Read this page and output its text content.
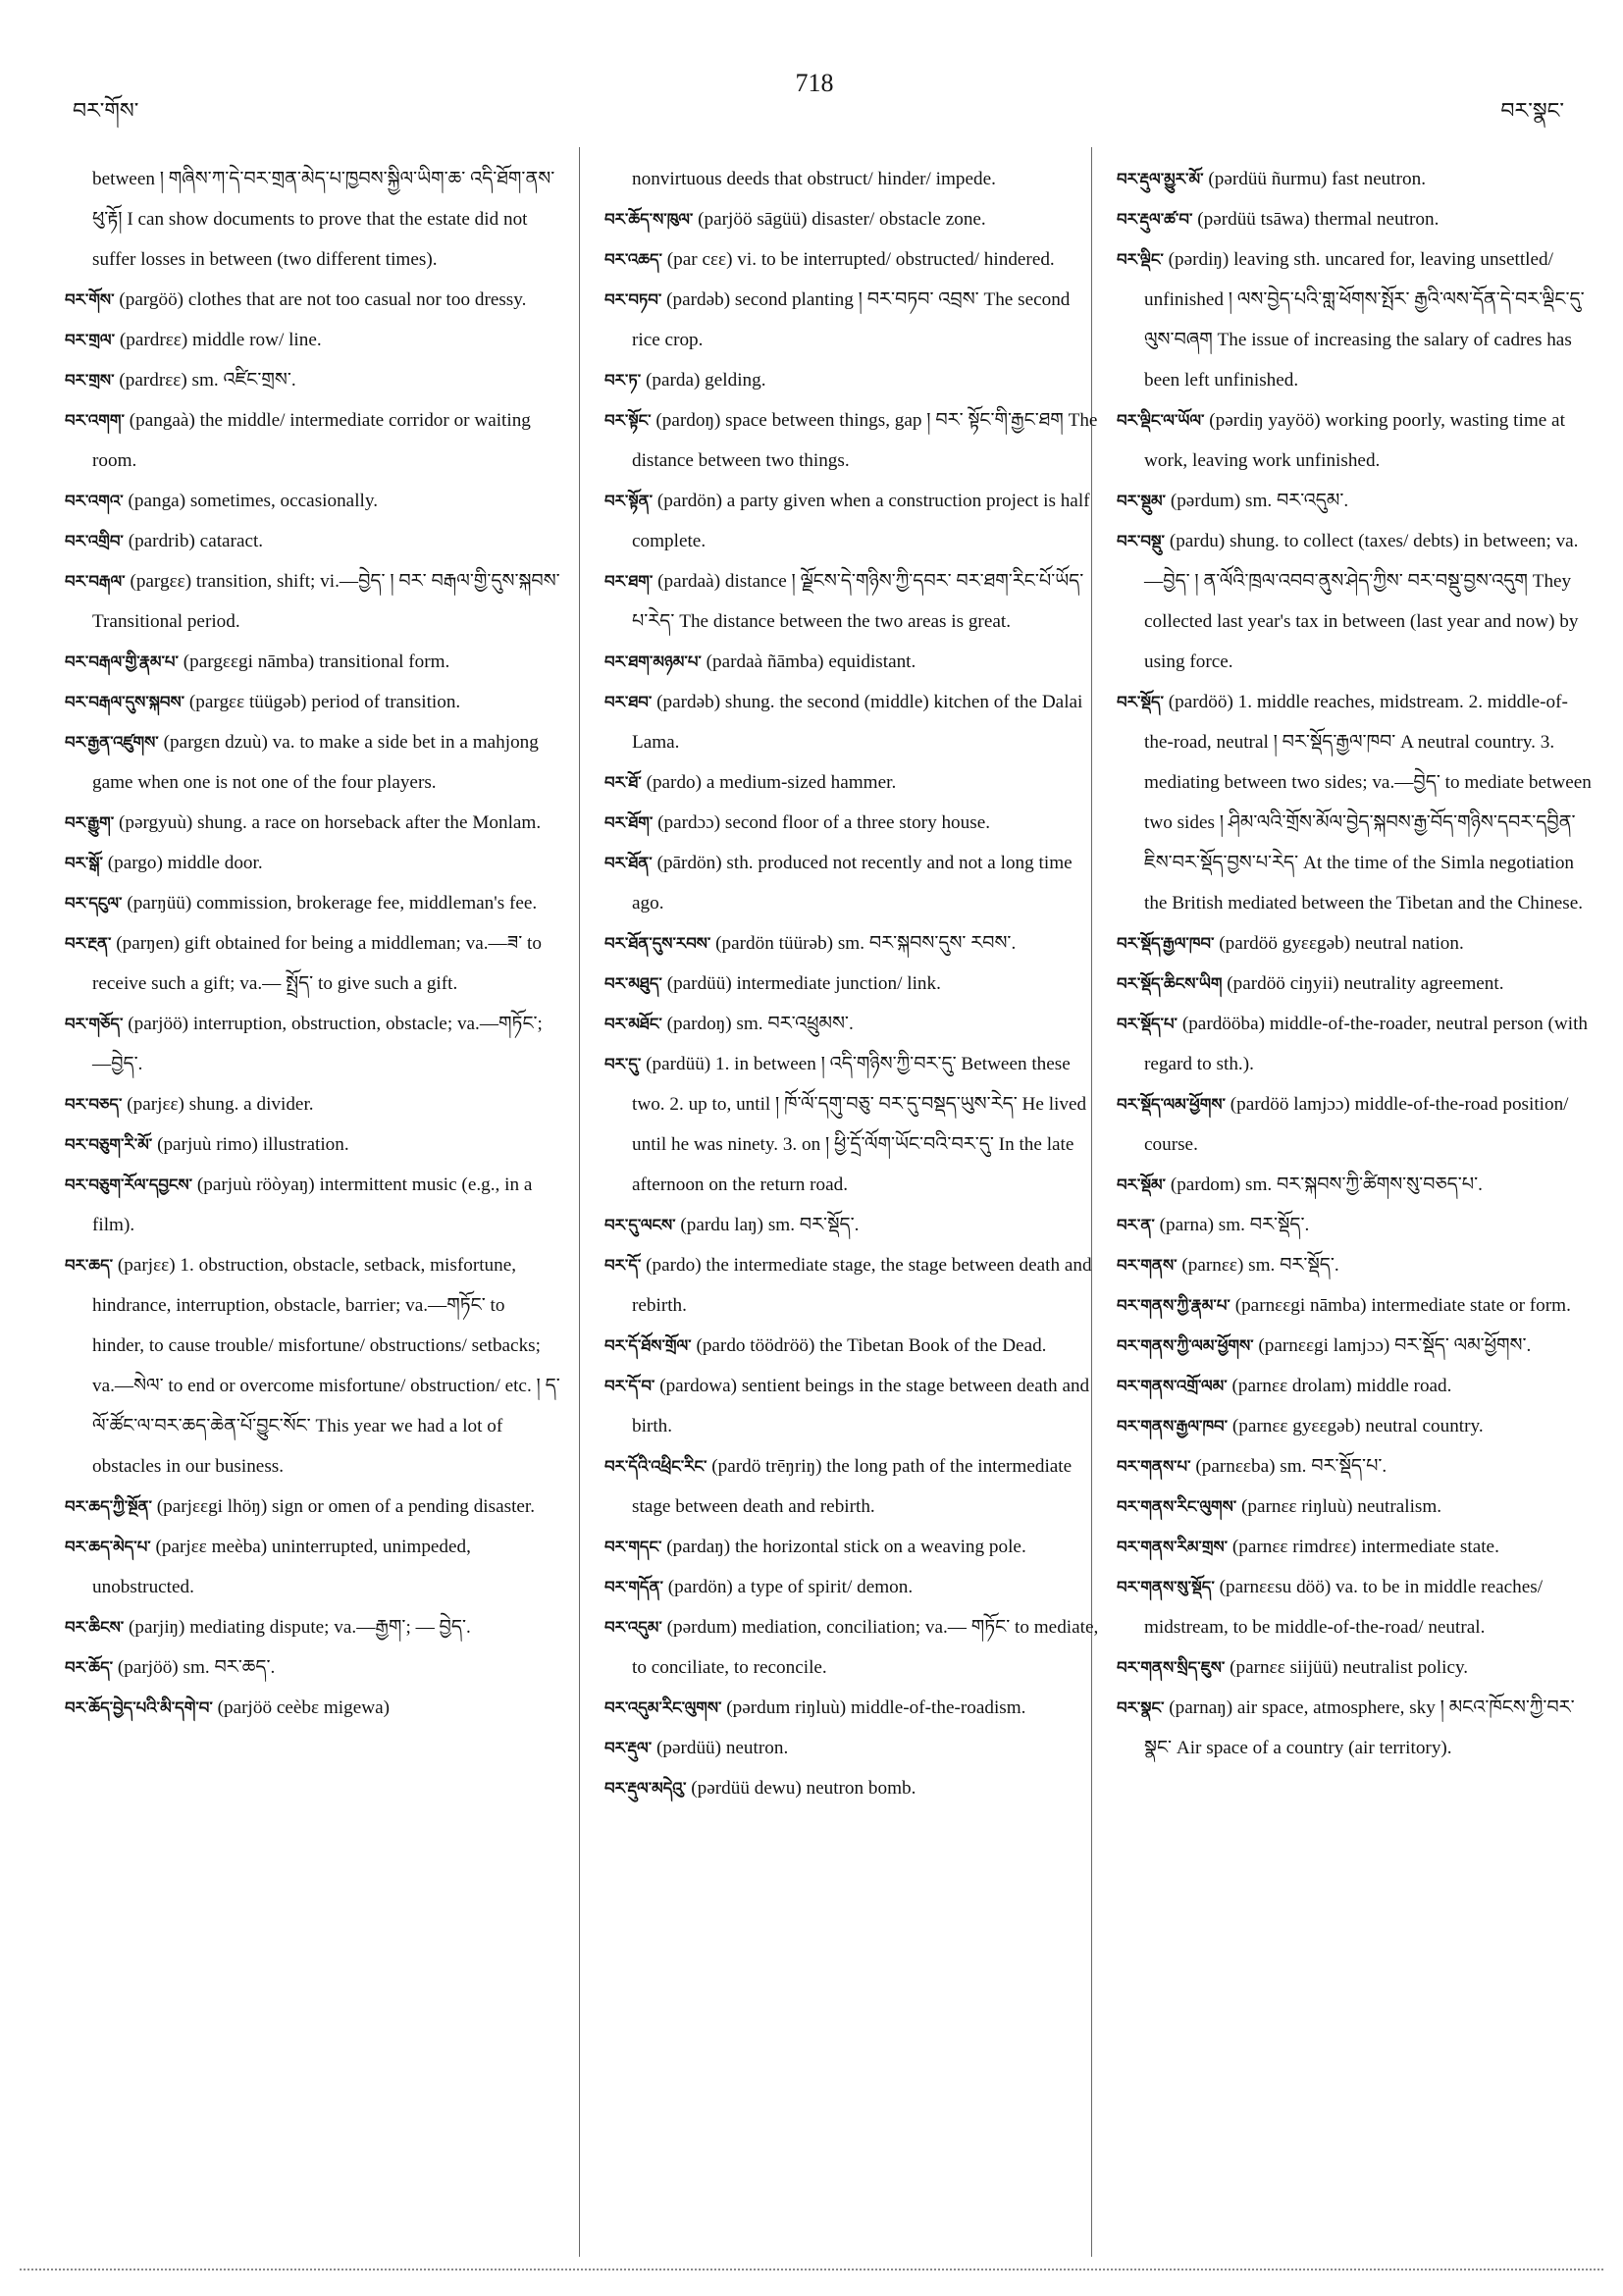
བར་གོས་
718
བར་སྣང་

between ། གཞིས་ཀ་དེ་བར་གྲན་མེད་པ་ཁྱབས་སྐྱིལ་ཡིག་ཆ་ འདི་ཐོག་ནས་ཕུ་རྟོ། I can show documents to prove that the estate did not suffer losses in between (two different times).

བར་གོས་ (pargöö) clothes that are not too casual nor too dressy.

བར་གྲལ་ (pardrεε) middle row/ line.

བར་གྲས་ (pardrεε) sm. འཛིང་གྲས་.

བར་འགག་ (pangaà) the middle/ intermediate corridor or waiting room.

བར་འགའ་ (panga) sometimes, occasionally.

བར་འགྲིབ་ (pardrib) cataract.

བར་བརྒལ་ (pargεε) transition, shift; vi.—བྱེད་ ། བར་ བརྒལ་གྱི་དུས་སྐབས་ Transitional period.

བར་བརྒལ་གྱི་རྣམ་པ་ (pargεεgi nāmba) transitional form.

བར་བརྒལ་དུས་སྐབས་ (pargεε tüügəb) period of transition.

བར་རྒྱན་འཛུགས་ (pargεn dzuù) va. to make a side bet in a mahjong game when one is not one of the four players.

བར་རྒྱུག་ (pərgyuù) shung. a race on horseback after the Monlam.

བར་སྒོ་ (pargo) middle door.

བར་དངུལ་ (parŋüü) commission, brokerage fee, middleman's fee.

བར་རྔན་ (parŋen) gift obtained for being a middleman; va.—ཟ་ to receive such a gift; va.— སྤྲོད་ to give such a gift.

བར་གཅོད་ (parjöö) interruption, obstruction, obstacle; va.—གཏོང་; —བྱེད་.

བར་བཅད་ (parjεε) shung. a divider.

བར་བཅུག་རི་མོ་ (parjuù rimo) illustration.

བར་བཅུག་རོལ་དབྱངས་ (parjuù röòyaŋ) intermittent music (e.g., in a film).

བར་ཆད་ (parjεε) 1. obstruction, obstacle, setback, misfortune, hindrance, interruption, obstacle, barrier; va.—གཏོང་ to hinder, to cause trouble/ misfortune/ obstructions/ setbacks; va.—སེལ་ to end or overcome misfortune/ obstruction/ etc. ། ད་ལོ་ཚོང་ལ་བར་ཆད་ཆེན་པོ་བྱུང་སོང་ This year we had a lot of obstacles in our business.

བར་ཆད་ཀྱི་སྔོན་ (parjεεgi lhöŋ) sign or omen of a pending disaster.

བར་ཆད་མེད་པ་ (parjεε meèba) uninterrupted, unimpeded, unobstructed.

བར་ཆིངས་ (parjiŋ) mediating dispute; va.—རྒྱག་; — བྱེད་.

བར་ཆོད་ (parjöö) sm. བར་ཆད་.

བར་ཆོད་བྱེད་པའི་མི་དགེ་བ་ (parjöö ceèbε migewa)

nonvirtuous deeds that obstruct/ hinder/ impede.

བར་ཆོད་ས་ཁུལ་ (parjöö sāgüü) disaster/ obstacle zone.

བར་འཆད་ (par cεε) vi. to be interrupted/ obstructed/ hindered.

བར་བཏབ་ (pardəb) second planting ། བར་བཏབ་ འབྲས་ The second rice crop.

བར་ཏ་ (parda) gelding.

བར་སྟོང་ (pardoŋ) space between things, gap ། བར་ སྟོང་གི་རྒྱང་ཐག The distance between two things.

བར་སྟོན་ (pardön) a party given when a construction project is half complete.

བར་ཐག་ (pardaà) distance ། ལྗོངས་དེ་གཉིས་ཀྱི་དབར་ བར་ཐག་རིང་པོ་ཡོད་པ་རེད་ The distance between the two areas is great.

བར་ཐག་མཉམ་པ་ (pardaà ñāmba) equidistant.

བར་ཐབ་ (pardəb) shung. the second (middle) kitchen of the Dalai Lama.

བར་ཐོ་ (pardo) a medium-sized hammer.

བར་ཐོག་ (pardɔɔ) second floor of a three story house.

བར་ཐོན་ (pārdön) sth. produced not recently and not a long time ago.

བར་ཐོན་དུས་རབས་ (pardön tüürəb) sm. བར་སྐབས་དུས་ རབས་.

བར་མཐུད་ (pardüü) intermediate junction/ link.

བར་མཐོང་ (pardoŋ) sm. བར་འཕྲུམས་.

བར་དུ་ (pardüü) 1. in between ། འདི་གཉིས་ཀྱི་བར་དུ་ Between these two. 2. up to, until ། ཁོ་ལོ་དགུ་བཅུ་ བར་དུ་བསྡད་ཡུས་རེད་ He lived until he was ninety. 3. on ། ཕྱི་དྲོ་ལོག་ཡོང་བའི་བར་དུ་ In the late afternoon on the return road.

བར་དུ་ལངས་ (pardu laŋ) sm. བར་སྡོད་.

བར་དོ་ (pardo) the intermediate stage, the stage between death and rebirth.

བར་དོ་ཐོས་གྲོལ་ (pardo töödröö) the Tibetan Book of the Dead.

བར་དོ་བ་ (pardowa) sentient beings in the stage between death and birth.

བར་དོའི་འཕྲིང་རིང་ (pardö trēŋriŋ) the long path of the intermediate stage between death and rebirth.

བར་གདང་ (pardaŋ) the horizontal stick on a weaving pole.

བར་གདོན་ (pardön) a type of spirit/ demon.

བར་འདུམ་ (pərdum) mediation, conciliation; va.— གཏོང་ to mediate, to conciliate, to reconcile.

བར་འདུམ་རིང་ལུགས་ (pərdum riŋluù) middle-of-the-roadism.

བར་རྡུལ་ (pərdüü) neutron.

བར་རྡུལ་མདེའུ་ (pərdüü dewu) neutron bomb.

བར་རྡུལ་མྱུར་མོ་ (pərdüü ñurmu) fast neutron.

བར་རྡུལ་ཚ་བ་ (pərdüü tsāwa) thermal neutron.

བར་ལྡིང་ (pərdiŋ) leaving sth. uncared for, leaving unsettled/ unfinished ། ལས་བྱེད་པའི་གླ་ཕོགས་སྤོར་ རྒྱའི་ལས་དོན་དེ་བར་ལྡིང་དུ་ལུས་བཞག The issue of increasing the salary of cadres has been left unfinished.

བར་ལྡིང་ལ་ཡོལ་ (pərdiŋ yayöö) working poorly, wasting time at work, leaving work unfinished.

བར་སྡུམ་ (pərdum) sm. བར་འདུམ་.

བར་བསྡུ་ (pardu) shung. to collect (taxes/ debts) in between; va.—བྱེད་ ། ན་ལོའི་ཁྲལ་འབབ་ནུས་ཤེད་ཀྱིས་ བར་བསྡུ་བྱས་འདུག They collected last year's tax in between (last year and now) by using force.

བར་སྡོད་ (pardöö) 1. middle reaches, midstream. 2. middle-of-the-road, neutral ། བར་སྡོད་རྒྱལ་ཁབ་ A neutral country. 3. mediating between two sides; va.—བྱེད་ to mediate between two sides ། ཤིམ་ལའི་གྲོས་མོལ་བྱེད་སྐབས་རྒྱ་བོད་གཉིས་དབར་དབྱིན་ ཇིས་བར་སྡོད་བྱས་པ་རེད་ At the time of the Simla negotiation the British mediated between the Tibetan and the Chinese.

བར་སྡོད་རྒྱལ་ཁབ་ (pardöö gyεεgəb) neutral nation.

བར་སྡོད་ཆིངས་ཡིག (pardöö ciŋyii) neutrality agreement.

བར་སྡོད་པ་ (pardööba) middle-of-the-roader, neutral person (with regard to sth.).

བར་སྡོད་ལམ་ཕྱོགས་ (pardöö lamjɔɔ) middle-of-the-road position/ course.

བར་སྡོམ་ (pardom) sm. བར་སྐབས་ཀྱི་ཚིགས་སུ་བཅད་པ་.

བར་ན་ (parna) sm. བར་སྡོད་.

བར་གནས་ (parnεε) sm. བར་སྡོད་.

བར་གནས་ཀྱི་རྣམ་པ་ (parnεεgi nāmba) intermediate state or form.

བར་གནས་ཀྱི་ལམ་ཕྱོགས་ (parnεεgi lamjɔɔ) བར་སྡོད་ ལམ་ཕྱོགས་.

བར་གནས་འགྲོ་ལམ་ (parnεε drolam) middle road.

བར་གནས་རྒྱལ་ཁབ་ (parnεε gyεεgəb) neutral country.

བར་གནས་པ་ (parnεεba) sm. བར་སྡོད་པ་.

བར་གནས་རིང་ལུགས་ (parnεε riŋluù) neutralism.

བར་གནས་རིམ་གྲས་ (parnεε rimdrεε) intermediate state.

བར་གནས་སུ་སྡོད་ (parnεεsu döö) va. to be in middle reaches/ midstream, to be middle-of-the-road/ neutral.

བར་གནས་སྲིད་ཇུས་ (parnεε siijüü) neutralist policy.

བར་སྣང་ (parnaŋ) air space, atmosphere, sky ། མངའ་ཁོངས་ཀྱི་བར་སྣང་ Air space of a country (air territory).
